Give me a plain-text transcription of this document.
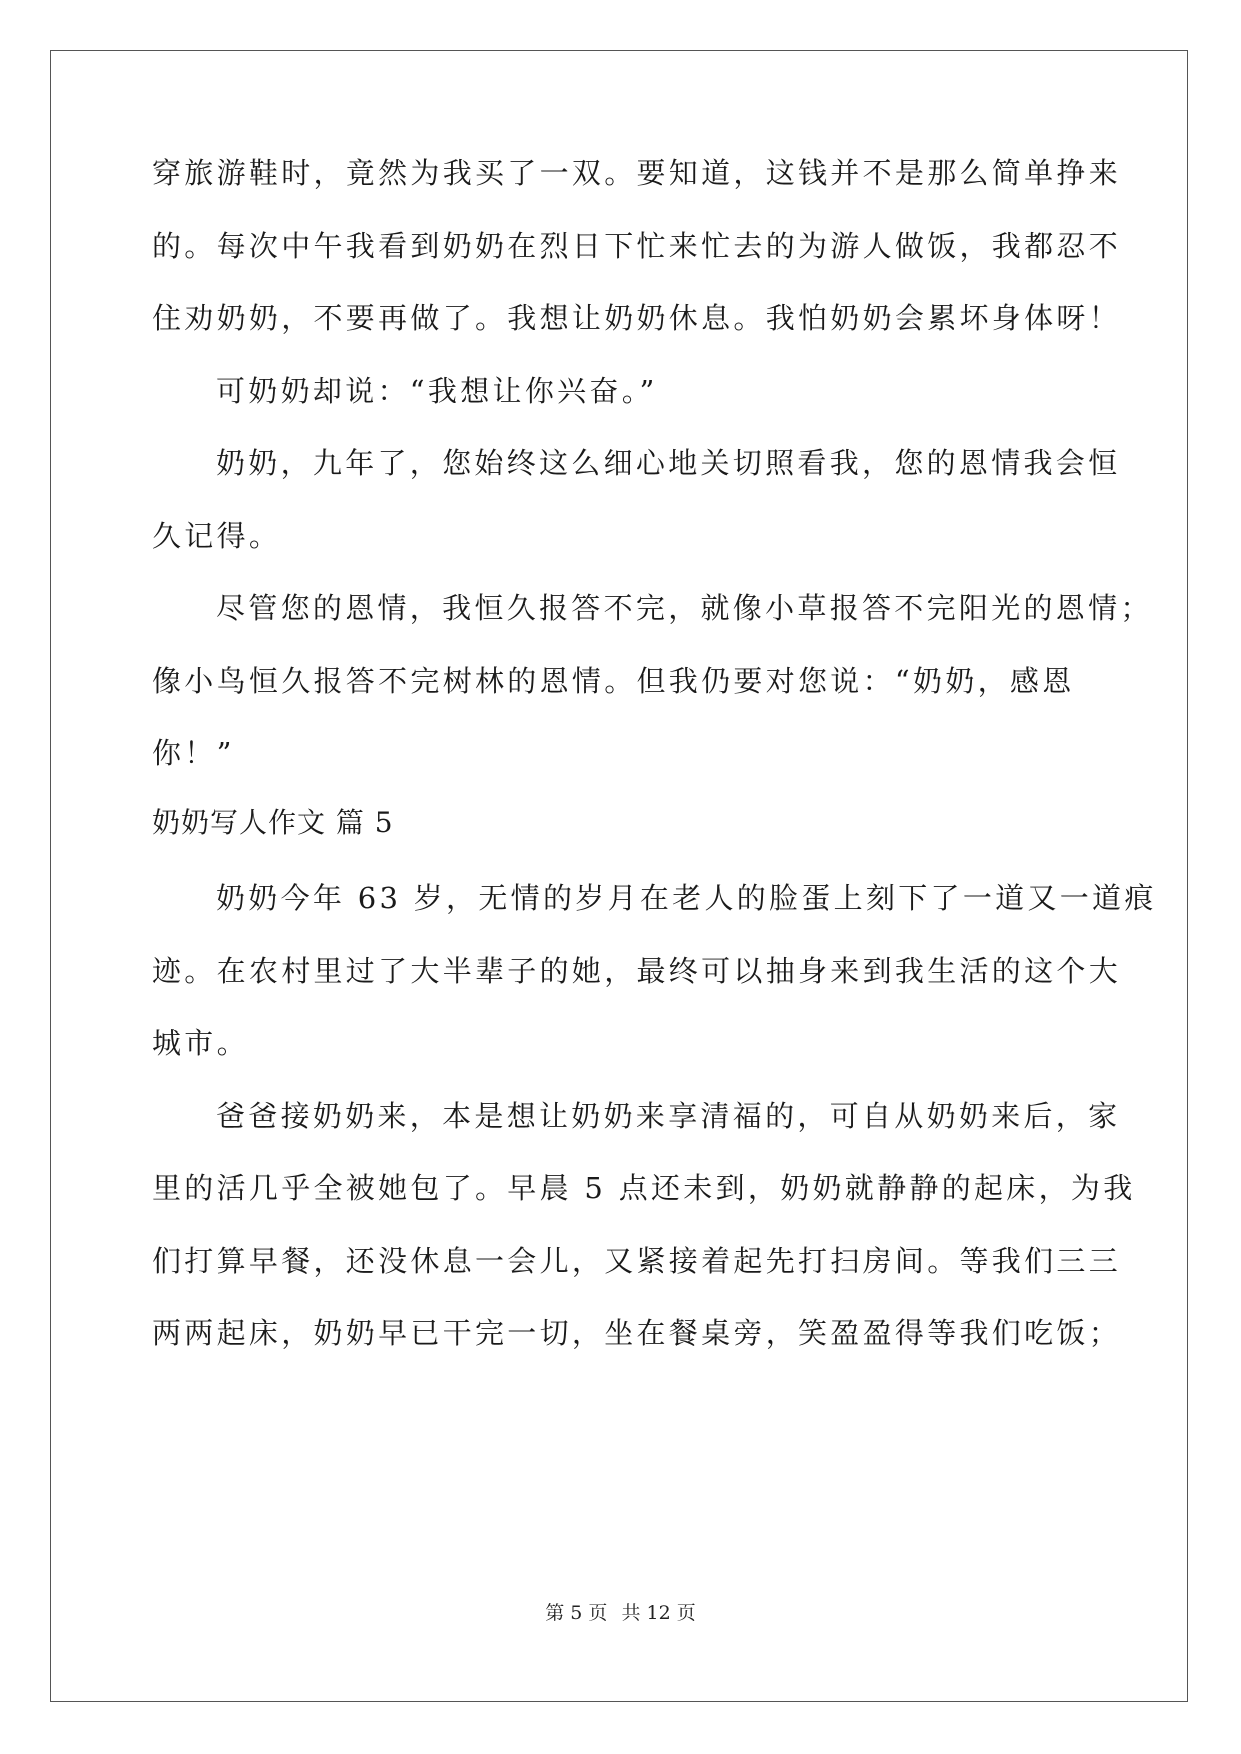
穿旅游鞋时，竟然为我买了一双。要知道，这钱并不是那么简单挣来

的。每次中午我看到奶奶在烈日下忙来忙去的为游人做饭，我都忍不

住劝奶奶，不要再做了。我想让奶奶休息。我怕奶奶会累坏身体呀！

可奶奶却说：“我想让你兴奋。”

奶奶，九年了，您始终这么细心地关切照看我，您的恩情我会恒

久记得。

尽管您的恩情，我恒久报答不完，就像小草报答不完阳光的恩情；

像小鸟恒久报答不完树林的恩情。但我仍要对您说：“奶奶，感恩

你！”

奶奶写人作文 篇 5

奶奶今年 63 岁，无情的岁月在老人的脸蛋上刻下了一道又一道痕

迹。在农村里过了大半辈子的她，最终可以抽身来到我生活的这个大

城市。

爸爸接奶奶来，本是想让奶奶来享清福的，可自从奶奶来后，家

里的活几乎全被她包了。早晨 5 点还未到，奶奶就静静的起床，为我

们打算早餐，还没休息一会儿，又紧接着起先打扫房间。等我们三三

两两起床，奶奶早已干完一切，坐在餐桌旁，笑盈盈得等我们吃饭；

第 5 页 共 12 页
